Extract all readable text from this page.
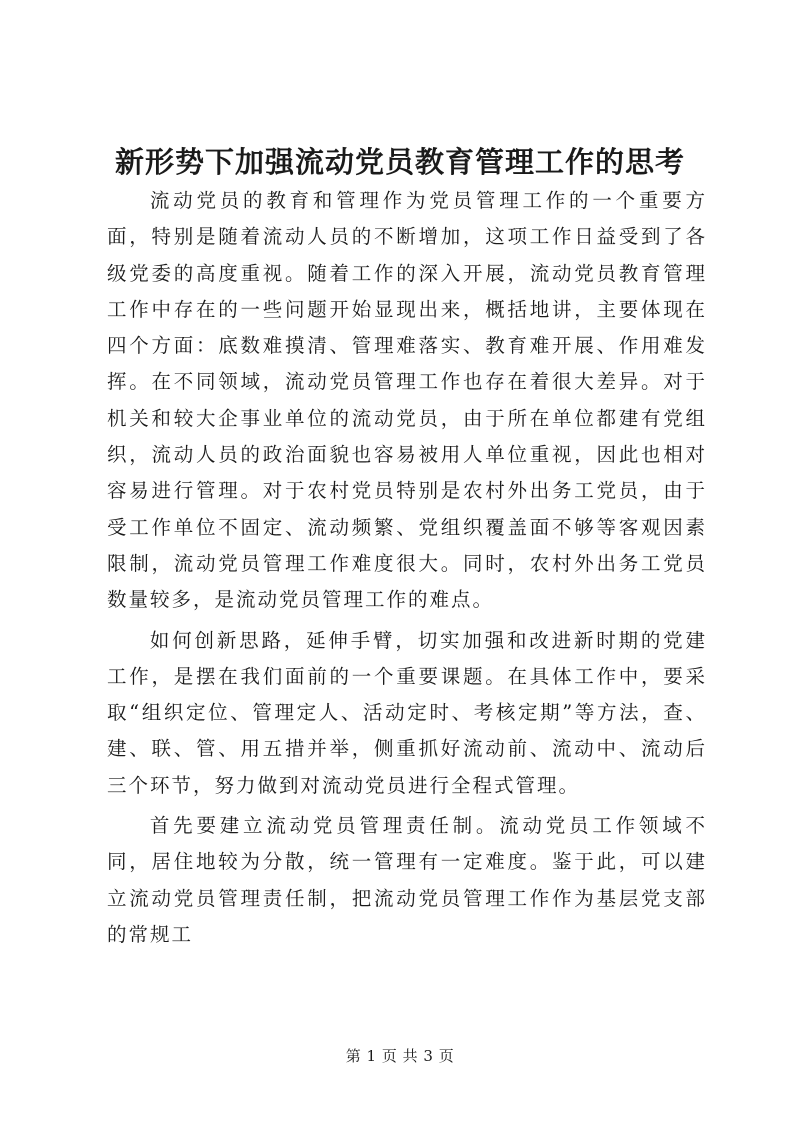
新形势下加强流动党员教育管理工作的思考

流动党员的教育和管理作为党员管理工作的一个重要方面，特别是随着流动人员的不断增加，这项工作日益受到了各级党委的高度重视。随着工作的深入开展，流动党员教育管理工作中存在的一些问题开始显现出来，概括地讲，主要体现在四个方面：底数难摸清、管理难落实、教育难开展、作用难发挥。在不同领域，流动党员管理工作也存在着很大差异。对于机关和较大企事业单位的流动党员，由于所在单位都建有党组织，流动人员的政治面貌也容易被用人单位重视，因此也相对容易进行管理。对于农村党员特别是农村外出务工党员，由于受工作单位不固定、流动频繁、党组织覆盖面不够等客观因素限制，流动党员管理工作难度很大。同时，农村外出务工党员数量较多，是流动党员管理工作的难点。

如何创新思路，延伸手臂，切实加强和改进新时期的党建工作，是摆在我们面前的一个重要课题。在具体工作中，要采取“组织定位、管理定人、活动定时、考核定期”等方法，查、建、联、管、用五措并举，侧重抓好流动前、流动中、流动后三个环节，努力做到对流动党员进行全程式管理。

首先要建立流动党员管理责任制。流动党员工作领域不同，居住地较为分散，统一管理有一定难度。鉴于此，可以建立流动党员管理责任制，把流动党员管理工作作为基层党支部的常规工

第 1 页 共 3 页
